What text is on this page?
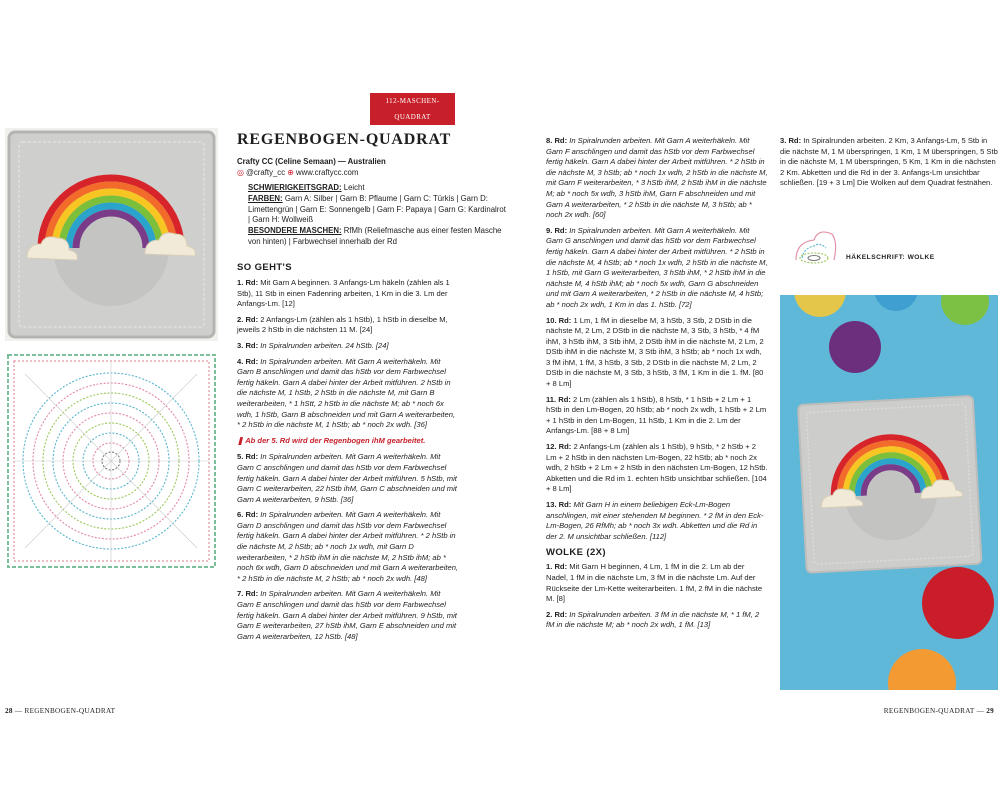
112-MASCHEN-QUADRAT
REGENBOGEN-QUADRAT
Crafty CC (Celine Semaan) — Australien
◎ @crafty_cc ⊕ www.craftycc.com
SCHWIERIGKEITSGRAD: Leicht
FARBEN: Garn A: Silber | Garn B: Pflaume | Garn C: Türkis | Garn D: Limettengrün | Garn E: Sonnengelb | Garn F: Papaya | Garn G: Kardinalrot | Garn H: Wollweiß
BESONDERE MASCHEN: RfMh (Reliefmasche aus einer festen Masche von hinten) | Farbwechsel innerhalb der Rd
SO GEHT'S

1. Rd: Mit Garn A beginnen. 3 Anfangs-Lm häkeln (zählen als 1 Stb), 11 Stb in einen Fadenring arbeiten, 1 Km in die 3. Lm der Anfangs-Lm. [12]

2. Rd: 2 Anfangs-Lm (zählen als 1 hStb), 1 hStb in dieselbe M, jeweils 2 hStb in die nächsten 11 M. [24]

3. Rd: In Spiralrunden arbeiten. 24 hStb. [24]

4. Rd: In Spiralrunden arbeiten. Mit Garn A weiterhäkeln. Mit Garn B anschlingen und damit das hStb vor dem Farbwechsel fertig häkeln. Garn A dabei hinter der Arbeit mitführen. 2 hStb in die nächste M, 1 hStb, 2 hStb in die nächste M, mit Garn B weiterarbeiten, * 1 hStt, 2 hStb in die nächste M; ab * noch 6x wdh, 1 hStb, Garn B abschneiden und mit Garn A weiterarbeiten, * 2 hStb in die nächste M, 1 hStb; ab * noch 2x wdh. [36]

❚ Ab der 5. Rd wird der Regenbogen ihM gearbeitet.

5. Rd: In Spiralrunden arbeiten. Mit Garn A weiterhäkeln. Mit Garn C anschlingen und damit das hStb vor dem Farbwechsel fertig häkeln. Garn A dabei hinter der Arbeit mitführen. 5 hStb, mit Garn C weiterarbeiten, 22 hStb ihM, Garn C abschneiden und mit Garn A weiterarbeiten, 9 hStb. [36]

6. Rd: In Spiralrunden arbeiten. Mit Garn A weiterhäkeln. Mit Garn D anschlingen und damit das hStb vor dem Farbwechsel fertig häkeln. Garn A dabei hinter der Arbeit mitführen. * 2 hStb in die nächste M, 2 hStb; ab * noch 1x wdh, mit Garn D weiterarbeiten, * 2 hStb ihM in die nächste M, 2 hStb ihM; ab * noch 6x wdh, Garn D abschneiden und mit Garn A weiterarbeiten, * 2 hStb in die nächste M, 2 hStb; ab * noch 2x wdh. [48]

7. Rd: In Spiralrunden arbeiten. Mit Garn A weiterhäkeln. Mit Garn E anschlingen und damit das hStb vor dem Farbwechsel fertig häkeln. Garn A dabei hinter der Arbeit mitführen. 9 hStb, mit Garn E weiterarbeiten, 27 hStb ihM, Garn E abschneiden und mit Garn A weiterarbeiten, 12 hStb. [48]

8. Rd: In Spiralrunden arbeiten. Mit Garn A weiterhäkeln. Mit Garn F anschlingen und damit das hStb vor dem Farbwechsel fertig häkeln. Garn A dabei hinter der Arbeit mitführen. * 2 hStb in die nächste M, 3 hStb; ab * noch 1x wdh, 2 hStb in die nächste M, mit Garn F weiterarbeiten, * 3 hStb ihM, 2 hStb ihM in die nächste M; ab * noch 5x wdh, 3 hStb ihM, Garn F abschneiden und mit Garn A weiterarbeiten, * 2 hStb in die nächste M, 3 hStb; ab * noch 2x wdh. [60]

9. Rd: In Spiralrunden arbeiten. Mit Garn A weiterhäkeln. Mit Garn G anschlingen und damit das hStb vor dem Farbwechsel fertig häkeln. Garn A dabei hinter der Arbeit mitführen. * 2 hStb in die nächste M, 4 hStb; ab * noch 1x wdh, 2 hStb in die nächste M, 1 hStb, mit Garn G weiterarbeiten, 3 hStb ihM, * 2 hStb ihM in die nächste M, 4 hStb ihM; ab * noch 5x wdh, Garn G abschneiden und mit Garn A weiterarbeiten, * 2 hStb in die nächste M, 4 hStb; ab * noch 2x wdh, 1 Km in das 1. hStb. [72]

10. Rd: 1 Lm, 1 fM in dieselbe M, 3 hStb, 3 Stb, 2 DStb in die nächste M, 2 Lm, 2 DStb in die nächste M, 3 Stb, 3 hStb, * 4 fM ihM, 3 hStb ihM, 3 Stb ihM, 2 DStb ihM in die nächste M, 2 Lm, 2 DStb ihM in die nächste M, 3 Stb ihM, 3 hStb; ab * noch 1x wdh, 3 fM ihM, 1 fM, 3 hStb, 3 Stb, 2 DStb in die nächste M, 2 Lm, 2 DStb in die nächste M, 3 Stb, 3 hStb, 3 fM, 1 Km in die 1. fM. [80 + 8 Lm]

11. Rd: 2 Lm (zählen als 1 hStb), 8 hStb, * 1 hStb + 2 Lm + 1 hStb in den Lm-Bogen, 20 hStb; ab * noch 2x wdh, 1 hStb + 2 Lm + 1 hStb in den Lm-Bogen, 11 hStb, 1 Km in die 2. Lm der Anfangs-Lm. [88 + 8 Lm]

12. Rd: 2 Anfangs-Lm (zählen als 1 hStb), 9 hStb, * 2 hStb + 2 Lm + 2 hStb in den nächsten Lm-Bogen, 22 hStb; ab * noch 2x wdh, 2 hStb + 2 Lm + 2 hStb in den nächsten Lm-Bogen, 12 hStb. Abketten und die Rd im 1. echten hStb unsichtbar schließen. [104 + 8 Lm]

13. Rd: Mit Garn H in einem beliebigen Eck-Lm-Bogen anschlingen, mit einer stehenden M beginnen. * 2 fM in den Eck-Lm-Bogen, 26 RfMh; ab * noch 3x wdh. Abketten und die Rd in der 2. M unsichtbar schließen. [112]

WOLKE (2X)

1. Rd: Mit Garn H beginnen, 4 Lm, 1 fM in die 2. Lm ab der Nadel, 1 fM in die nächste Lm, 3 fM in die nächste Lm. Auf der Rückseite der Lm-Kette weiterarbeiten. 1 fM, 2 fM in die nächste M. [8]

2. Rd: In Spiralrunden arbeiten. 3 fM in die nächste M, * 1 fM, 2 fM in die nächste M; ab * noch 2x wdh, 1 fM. [13]

3. Rd: In Spiralrunden arbeiten. 2 Km, 3 Anfangs-Lm, 5 Stb in die nächste M, 1 M überspringen, 1 Km, 1 M überspringen, 5 Stb in die nächste M, 1 M überspringen, 5 Km, 1 Km in die nächsten 2 Km. Abketten und die Rd in der 3. Anfangs-Lm unsichtbar schließen. [19 + 3 Lm] Die Wolken auf dem Quadrat festnähen.

HÄKELSCHRIFT: WOLKE
28 — REGENBOGEN-QUADRAT	REGENBOGEN-QUADRAT — 29
